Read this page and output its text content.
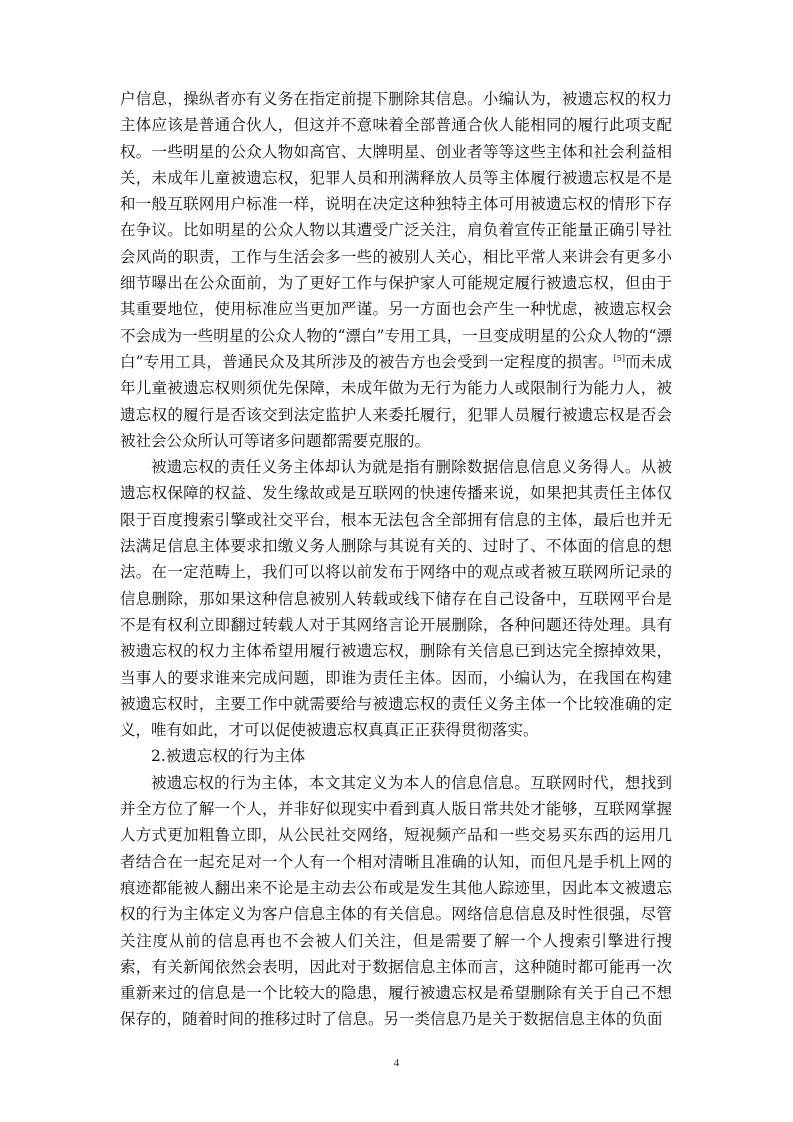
户信息，操纵者亦有义务在指定前提下删除其信息。小编认为，被遗忘权的权力主体应该是普通合伙人，但这并不意味着全部普通合伙人能相同的履行此项支配权。一些明星的公众人物如高官、大牌明星、创业者等等这些主体和社会利益相关，未成年儿童被遗忘权，犯罪人员和刑满释放人员等主体履行被遗忘权是不是和一般互联网用户标准一样，说明在决定这种独特主体可用被遗忘权的情形下存在争议。比如明星的公众人物以其遭受广泛关注，肩负着宣传正能量正确引导社会风尚的职责，工作与生活会多一些的被别人关心，相比平常人来讲会有更多小细节曝出在公众面前，为了更好工作与保护家人可能规定履行被遗忘权，但由于其重要地位，使用标准应当更加严谨。另一方面也会产生一种忧虑，被遗忘权会不会成为一些明星的公众人物的“漂白”专用工具，一旦变成明星的公众人物的“漂白”专用工具，普通民众及其所涉及的被告方也会受到一定程度的损害。[5]而未成年儿童被遗忘权则须优先保障，未成年做为无行为能力人或限制行为能力人，被遗忘权的履行是否该交到法定监护人来委托履行，犯罪人员履行被遗忘权是否会被社会公众所认可等诸多问题都需要克服的。

被遗忘权的责任义务主体却认为就是指有删除数据信息信息义务得人。从被遗忘权保障的权益、发生缘故或是互联网的快速传播来说，如果把其责任主体仅限于百度搜索引擎或社交平台，根本无法包含全部拥有信息的主体，最后也并无法满足信息主体要求扣缴义务人删除与其说有关的、过时了、不体面的信息的想法。在一定范畴上，我们可以将以前发布于网络中的观点或者被互联网所记录的信息删除，那如果这种信息被别人转载或线下储存在自己设备中，互联网平台是不是有权利立即翻过转载人对于其网络言论开展删除，各种问题还待处理。具有被遗忘权的权力主体希望用履行被遗忘权，删除有关信息已到达完全擦掉效果，当事人的要求谁来完成问题，即谁为责任主体。因而，小编认为，在我国在构建被遗忘权时，主要工作中就需要给与被遗忘权的责任义务主体一个比较准确的定义，唯有如此，才可以促使被遗忘权真真正正获得贯彻落实。

2.被遗忘权的行为主体

被遗忘权的行为主体，本文其定义为本人的信息信息。互联网时代，想找到并全方位了解一个人，并非好似现实中看到真人版日常共处才能够，互联网掌握人方式更加粗鲁立即，从公民社交网络，短视频产品和一些交易买东西的运用几者结合在一起充足对一个人有一个相对清晰且准确的认知，而但凡是手机上网的痕迹都能被人翻出来不论是主动去公布或是发生其他人踪迹里，因此本文被遗忘权的行为主体定义为客户信息主体的有关信息。网络信息信息及时性很强，尽管关注度从前的信息再也不会被人们关注，但是需要了解一个人搜索引擎进行搜索，有关新闻依然会表明，因此对于数据信息主体而言，这种随时都可能再一次重新来过的信息是一个比较大的隐患，履行被遗忘权是希望删除有关于自己不想保存的，随着时间的推移过时了信息。另一类信息乃是关于数据信息主体的负面

4
